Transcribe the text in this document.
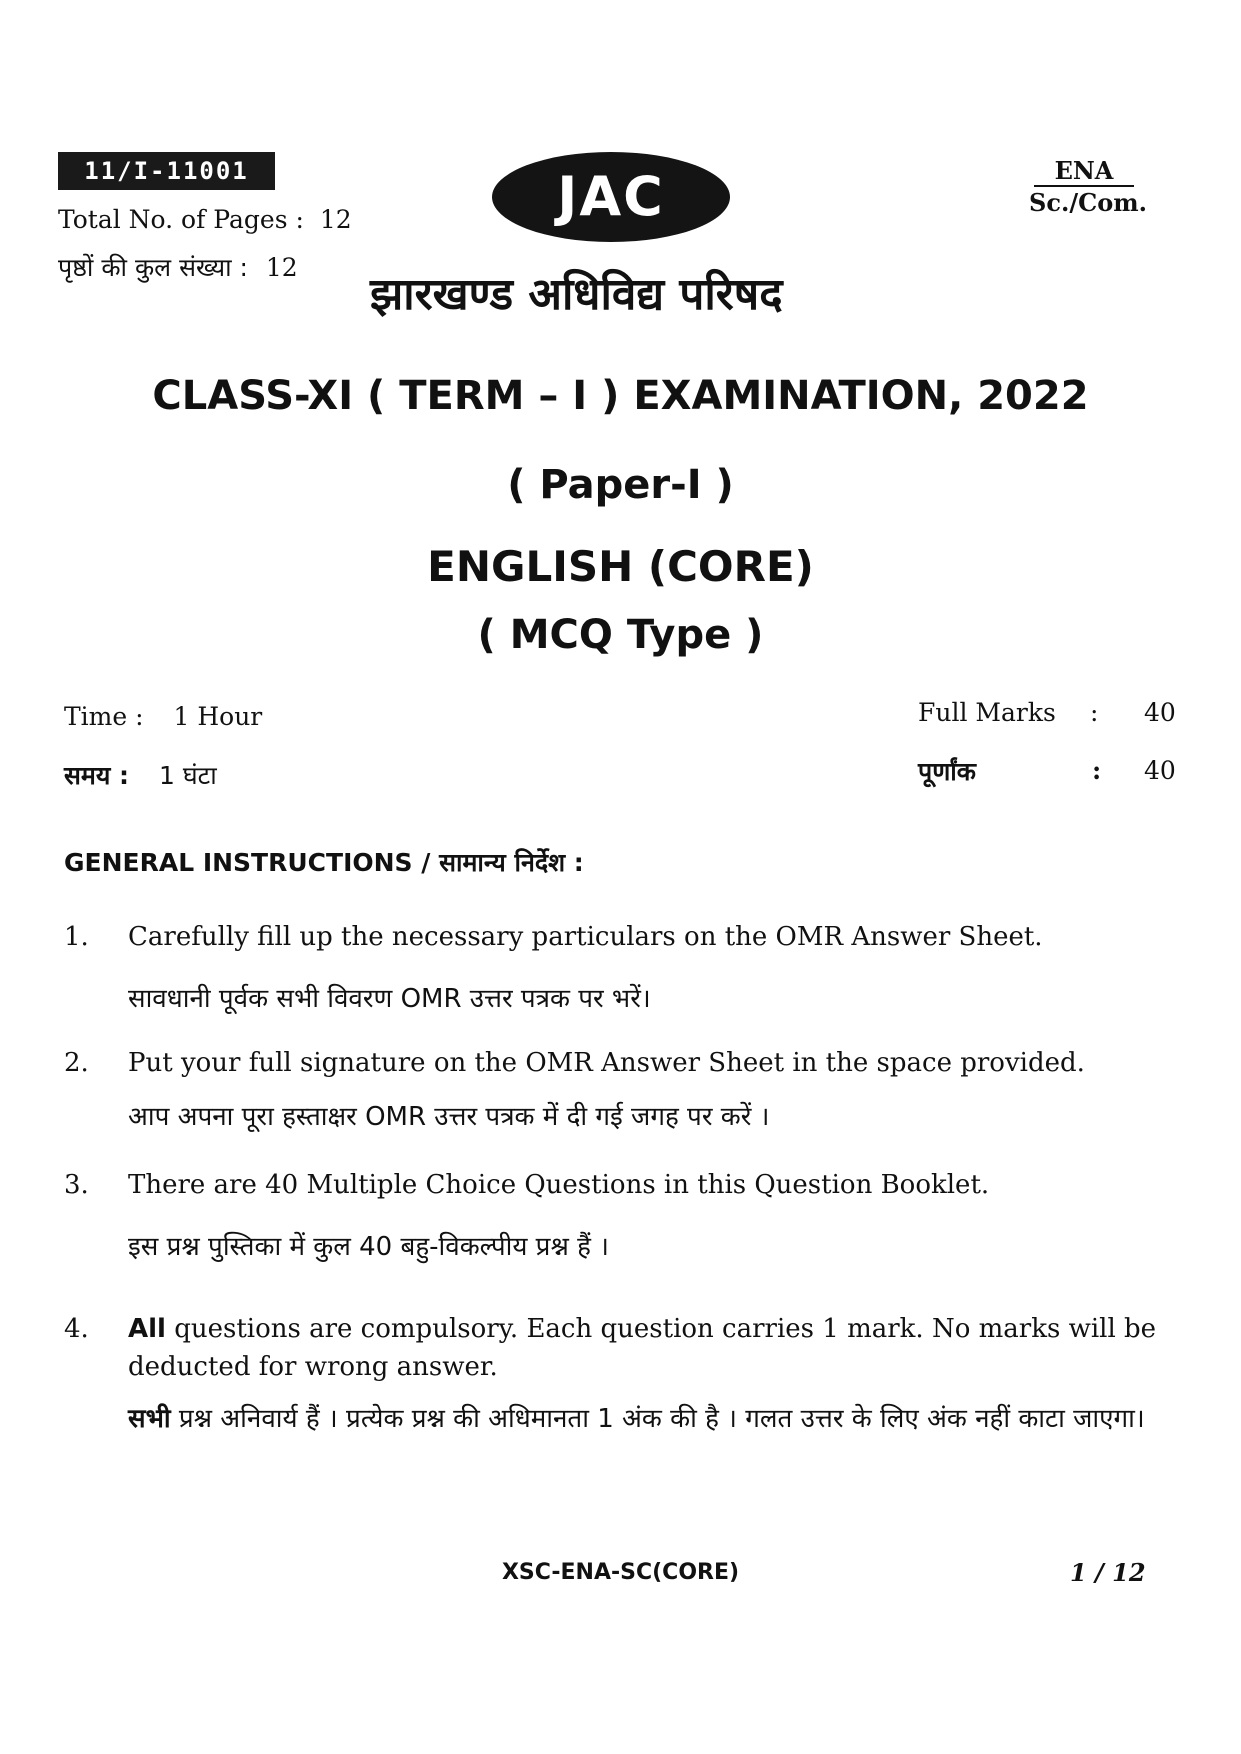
11/I-11001
Total No. of Pages : 12
पृष्ठों की कुल संख्या : 12
JAC
झारखण्ड अधिविद्य परिषद
ENA
Sc./Com.
CLASS-XI ( TERM – I ) EXAMINATION, 2022
( Paper-I )
ENGLISH (CORE)
( MCQ Type )
Time : 1 Hour
समय : 1 घंटा
Full Marks : 40
पूर्णांक	: 40
GENERAL INSTRUCTIONS / सामान्य निर्देश :
1.	Carefully fill up the necessary particulars on the OMR Answer Sheet.
सावधानी पूर्वक सभी विवरण OMR उत्तर पत्रक पर भरें।
2.	Put your full signature on the OMR Answer Sheet in the space provided.
आप अपना पूरा हस्ताक्षर OMR उत्तर पत्रक में दी गई जगह पर करें ।
3.	There are 40 Multiple Choice Questions in this Question Booklet.
इस प्रश्न पुस्तिका में कुल 40 बहु-विकल्पीय प्रश्न हैं ।
4.	All questions are compulsory. Each question carries 1 mark. No marks will be deducted for wrong answer.
सभी प्रश्न अनिवार्य हैं । प्रत्येक प्रश्न की अधिमानता 1 अंक की है । गलत उत्तर के लिए अंक नहीं काटा जाएगा।
XSC-ENA-SC(CORE)	1 / 12
